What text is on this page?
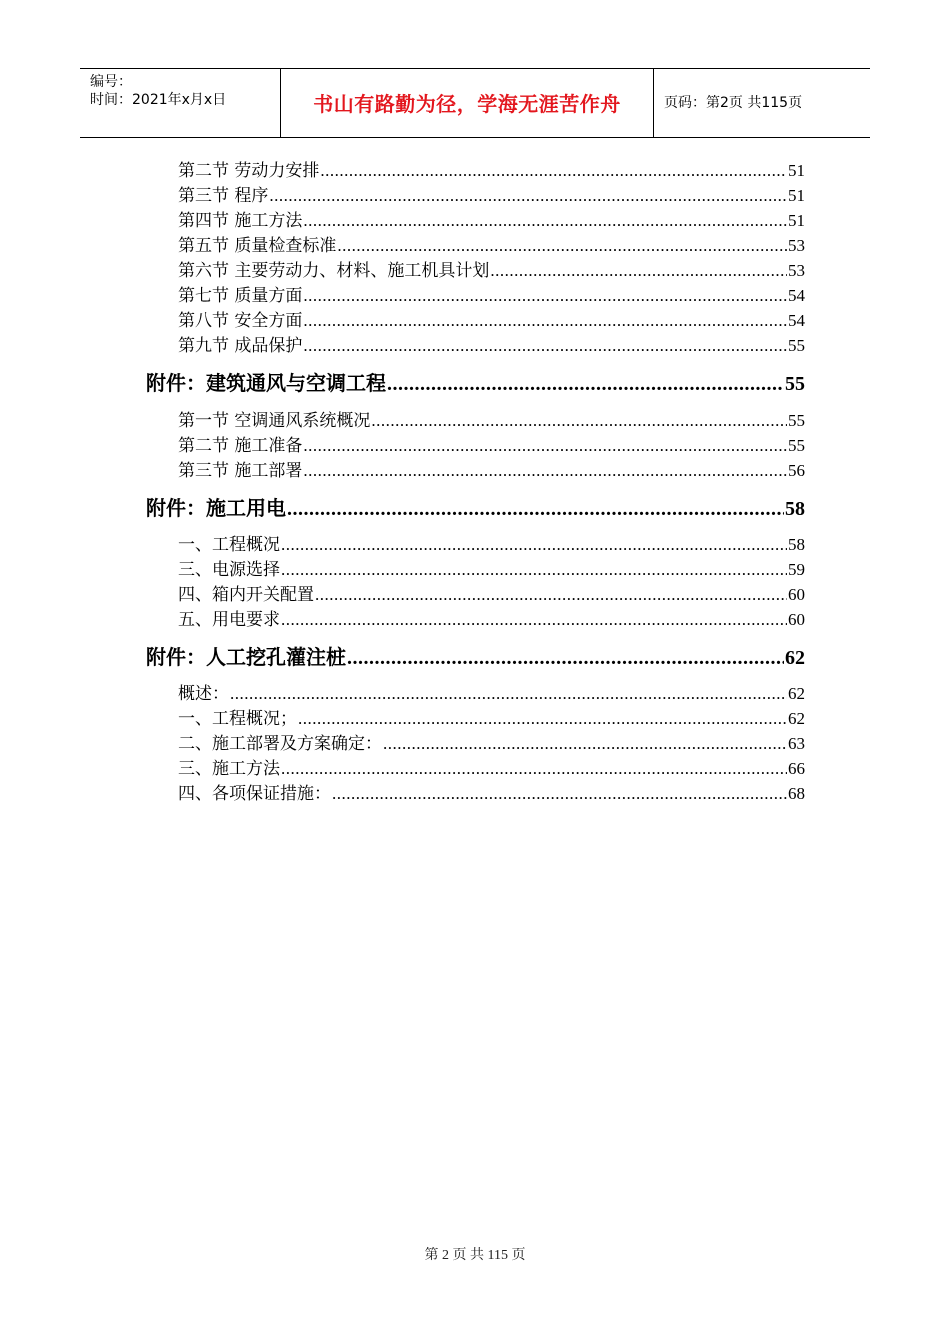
编号：
时间：2021年x月x日	书山有路勤为径，学海无涯苦作舟	页码：第2页 共115页
第二节 劳动力安排 .....	51
第三节 程序 .....	51
第四节 施工方法 .....	51
第五节 质量检查标准 .....	53
第六节 主要劳动力、材料、施工机具计划 .....	53
第七节 质量方面 .....	54
第八节 安全方面 .....	54
第九节 成品保护 .....	55
附件：建筑通风与空调工程 .....	55
第一节 空调通风系统概况 .....	55
第二节 施工准备 .....	55
第三节 施工部署 .....	56
附件：施工用电 .....	58
一、工程概况 .....	58
三、电源选择 .....	59
四、箱内开关配置 .....	60
五、用电要求 .....	60
附件：人工挖孔灌注桩 .....	62
概述： .....	62
一、工程概况； .....	62
二、施工部署及方案确定： .....	63
三、施工方法 .....	66
四、各项保证措施： .....	68
第 2 页 共 115 页
